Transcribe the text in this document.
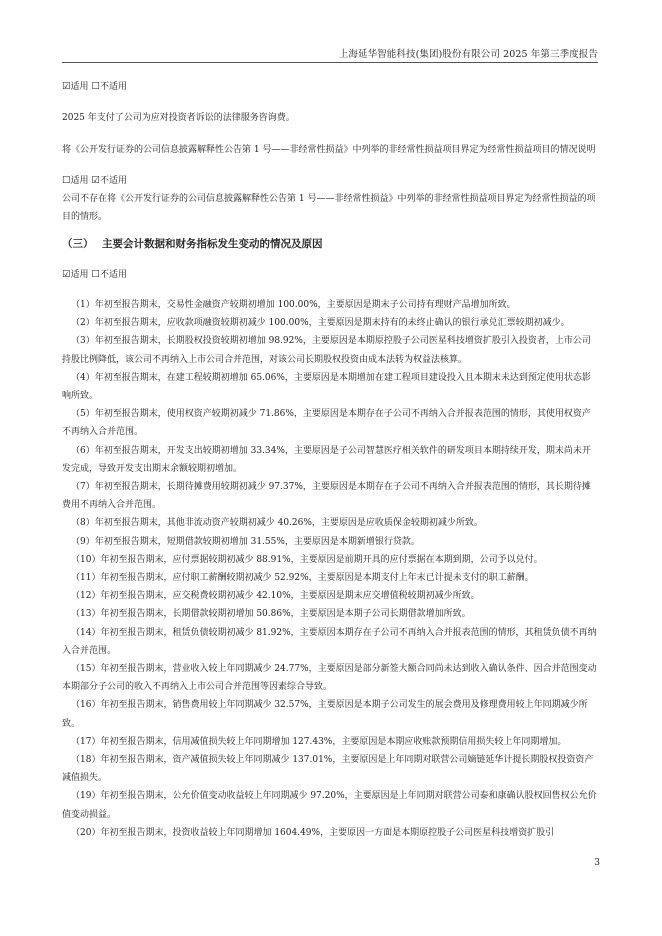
上海延华智能科技(集团)股份有限公司 2025 年第三季度报告
☑适用 ☐不适用

2025 年支付了公司为应对投资者诉讼的法律服务咨询费。

将《公开发行证券的公司信息披露解释性公告第 1 号——非经常性损益》中列举的非经常性损益项目界定为经常性损益项目的情况说明

☐适用 ☑不适用

公司不存在将《公开发行证券的公司信息披露解释性公告第 1 号——非经常性损益》中列举的非经常性损益项目界定为经常性损益的项目的情形。

（三） 主要会计数据和财务指标发生变动的情况及原因
☑适用 ☐不适用

（1）年初至报告期末，交易性金融资产较期初增加 100.00%，主要原因是期末子公司持有理财产品增加所致。

（2）年初至报告期末，应收款项融资较期初减少 100.00%，主要原因是期末持有的未终止确认的银行承兑汇票较期初减少。

（3）年初至报告期末，长期股权投资较期初增加 98.92%，主要原因是本期原控股子公司医星科技增资扩股引入投资者，上市公司持股比例降低，该公司不再纳入上市公司合并范围，对该公司长期股权投资由成本法转为权益法核算。

（4）年初至报告期末，在建工程较期初增加 65.06%，主要原因是本期增加在建工程项目建设投入且本期末未达到预定使用状态影响所致。

（5）年初至报告期末，使用权资产较期初减少 71.86%，主要原因是本期存在子公司不再纳入合并报表范围的情形，其使用权资产不再纳入合并范围。

（6）年初至报告期末，开发支出较期初增加 33.34%，主要原因是子公司智慧医疗相关软件的研发项目本期持续开发，期末尚未开发完成，导致开发支出期末余额较期初增加。

（7）年初至报告期末，长期待摊费用较期初减少 97.37%，主要原因是本期存在子公司不再纳入合并报表范围的情形，其长期待摊费用不再纳入合并范围。

（8）年初至报告期末，其他非流动资产较期初减少 40.26%，主要原因是应收质保金较期初减少所致。

（9）年初至报告期末，短期借款较期初增加 31.55%，主要原因是本期新增银行贷款。

（10）年初至报告期末，应付票据较期初减少 88.91%，主要原因是前期开具的应付票据在本期到期，公司予以兑付。

（11）年初至报告期末，应付职工薪酬较期初减少 52.92%，主要原因是本期支付上年末已计提未支付的职工薪酬。

（12）年初至报告期末，应交税费较期初减少 42.10%，主要原因是期末应交增值税较期初减少所致。

（13）年初至报告期末，长期借款较期初增加 50.86%，主要原因是本期子公司长期借款增加所致。

（14）年初至报告期末，租赁负债较期初减少 81.92%，主要原因本期存在子公司不再纳入合并报表范围的情形，其租赁负债不再纳入合并范围。

（15）年初至报告期末，营业收入较上年同期减少 24.77%，主要原因是部分新签大额合同尚未达到收入确认条件、因合并范围变动本期部分子公司的收入不再纳入上市公司合并范围等因素综合导致。

（16）年初至报告期末，销售费用较上年同期减少 32.57%，主要原因是本期子公司发生的展会费用及修理费用较上年同期减少所致。

（17）年初至报告期末，信用减值损失较上年同期增加 127.43%，主要原因是本期应收账款预期信用损失较上年同期增加。

（18）年初至报告期末，资产减值损失较上年同期减少 137.01%，主要原因是上年同期对联营公司嫡链延华计提长期股权投资资产减值损失。

（19）年初至报告期末，公允价值变动收益较上年同期减少 97.20%，主要原因是上年同期对联营公司泰和康确认股权回售权公允价值变动损益。

（20）年初至报告期末，投资收益较上年同期增加 1604.49%，主要原因一方面是本期原控股子公司医星科技增资扩股引

3
